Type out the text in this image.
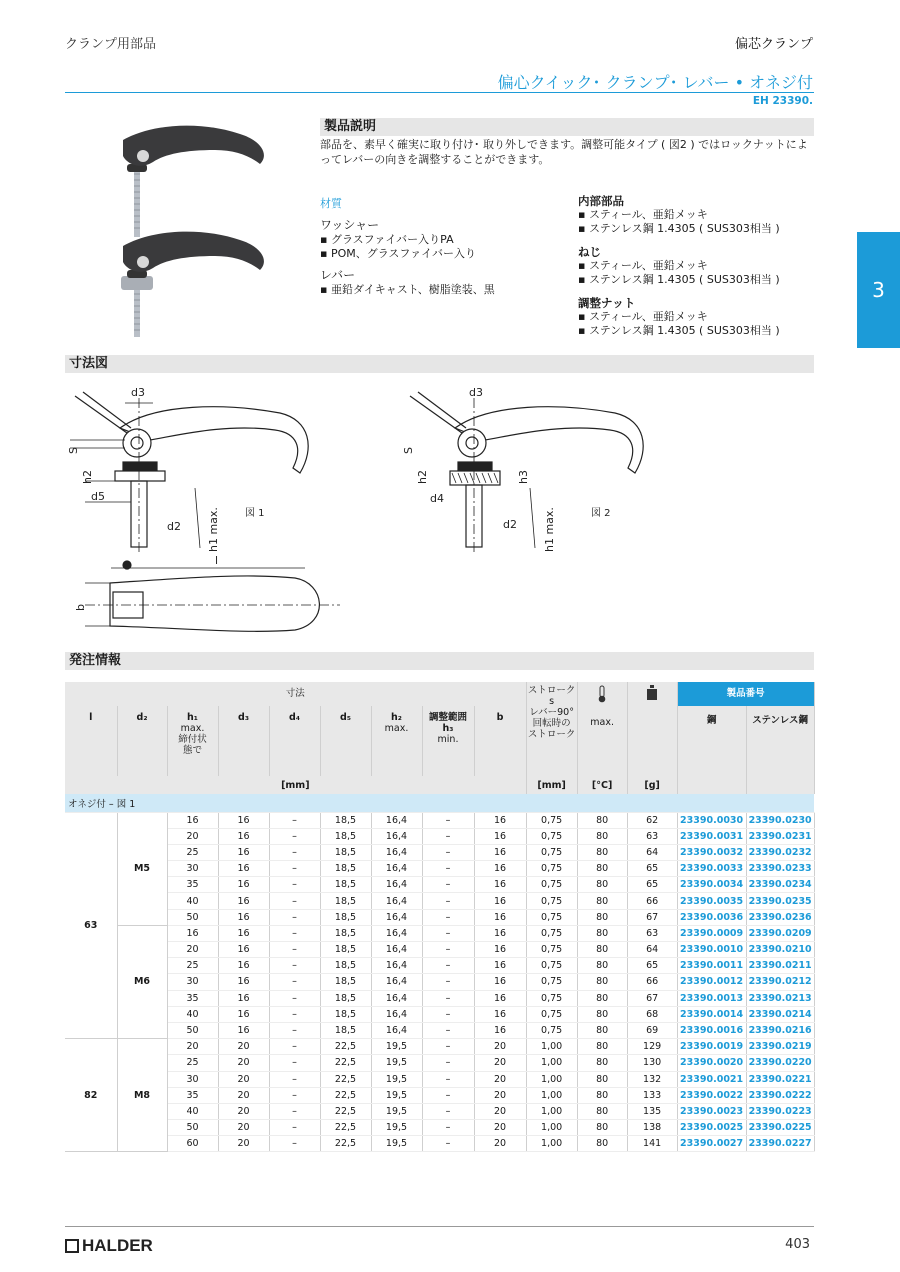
クランプ用部品	偏芯クランプ
偏心クイック･ クランプ･ レバー • オネジ付
EH 23390.
3
製品説明
部品を、素早く確実に取り付け･ 取り外しできます。調整可能タイプ ( 図2 ) ではロックナットによってレバーの向きを調整することができます。
材質
ワッシャー
▪ グラスファイバー入りPA
▪ POM、グラスファイバー入り
レバー
▪ 亜鉛ダイキャスト、樹脂塗装、黒
内部部品
▪ スティール、亜鉛メッキ
▪ ステンレス鋼 1.4305 ( SUS303相当 )
ねじ
▪ スティール、亜鉛メッキ
▪ ステンレス鋼 1.4305 ( SUS303相当 )
調整ナット
▪ スティール、亜鉛メッキ
▪ ステンレス鋼 1.4305 ( SUS303相当 )
寸法図
d3
S
h2
d5
d2 h1 max.	図 1
l
b
d3
S
h2	h3
d4
d2 h1 max.	図 2
発注情報
寸法									ストローク
s
レバー90°
回転時の
ストローク	max.		製品番号	
l	d₂	h₁
max.
締付状
態で	d₃	d₄	d₅	h₂
max.	調整範囲
h₃
min.	b				鋼	ステンレス鋼
[mm]									[mm]	[°C]	[g]		
オネジ付 – 図 1													
63	M5	16	16	–	18,5	16,4	–	16	0,75	80	62	23390.0030	23390.0230
		20	16	–	18,5	16,4	–	16	0,75	80	63	23390.0031	23390.0231
		25	16	–	18,5	16,4	–	16	0,75	80	64	23390.0032	23390.0232
		30	16	–	18,5	16,4	–	16	0,75	80	65	23390.0033	23390.0233
		35	16	–	18,5	16,4	–	16	0,75	80	65	23390.0034	23390.0234
		40	16	–	18,5	16,4	–	16	0,75	80	66	23390.0035	23390.0235
		50	16	–	18,5	16,4	–	16	0,75	80	67	23390.0036	23390.0236
	M6	16	16	–	18,5	16,4	–	16	0,75	80	63	23390.0009	23390.0209
		20	16	–	18,5	16,4	–	16	0,75	80	64	23390.0010	23390.0210
		25	16	–	18,5	16,4	–	16	0,75	80	65	23390.0011	23390.0211
		30	16	–	18,5	16,4	–	16	0,75	80	66	23390.0012	23390.0212
		35	16	–	18,5	16,4	–	16	0,75	80	67	23390.0013	23390.0213
		40	16	–	18,5	16,4	–	16	0,75	80	68	23390.0014	23390.0214
		50	16	–	18,5	16,4	–	16	0,75	80	69	23390.0016	23390.0216
82	M8	20	20	–	22,5	19,5	–	20	1,00	80	129	23390.0019	23390.0219
		25	20	–	22,5	19,5	–	20	1,00	80	130	23390.0020	23390.0220
		30	20	–	22,5	19,5	–	20	1,00	80	132	23390.0021	23390.0221
		35	20	–	22,5	19,5	–	20	1,00	80	133	23390.0022	23390.0222
		40	20	–	22,5	19,5	–	20	1,00	80	135	23390.0023	23390.0223
		50	20	–	22,5	19,5	–	20	1,00	80	138	23390.0025	23390.0225
		60	20	–	22,5	19,5	–	20	1,00	80	141	23390.0027	23390.0227
HALDER	403
